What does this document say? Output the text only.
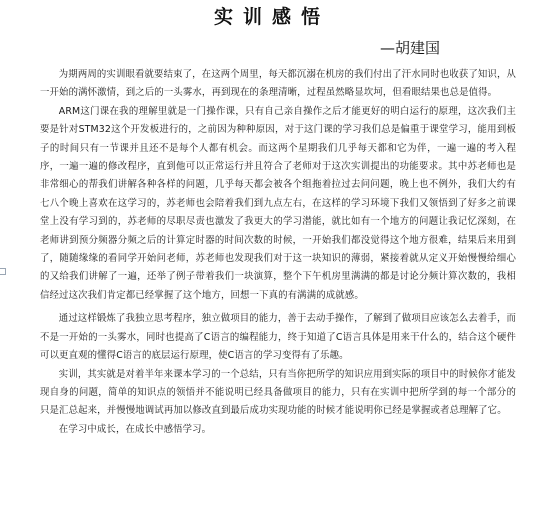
实训感悟
—胡建国

为期两周的实训眼看就要结束了，在这两个周里，每天都沉溺在机房的我们付出了汗水同时也收获了知识，从一开始的满怀激情，到之后的一头雾水，再到现在的条理清晰，过程虽然略显坎坷，但看眼结果也总是值得。

ARM这门课在我的理解里就是一门操作课，只有自己亲自操作之后才能更好的明白运行的原理，这次我们主要是针对STM32这个开发板进行的，之前因为种种原因，对于这门课的学习我们总是偏重于课堂学习，能用到板子的时间只有一节课并且还不是每个人都有机会。而这两个星期我们几乎每天都和它为伴，一遍一遍的考入程序，一遍一遍的修改程序，直到他可以正常运行并且符合了老师对于这次实训提出的功能要求。其中苏老师也是非常细心的帮我们讲解各种各样的问题，几乎每天都会被各个组拖着拉过去问问题，晚上也不例外，我们大约有七八个晚上喜欢在这学习的，苏老师也会陪着我们到九点左右，在这样的学习环境下我们又领悟到了好多之前课堂上没有学习到的，苏老师的尽职尽责也激发了我更大的学习潜能，就比如有一个地方的问题让我记忆深刻，在老师讲到预分频器分频之后的计算定时器的时间次数的时候，一开始我们都没觉得这个地方很难，结果后来用到了，随随缘缘的看同学开始问老师，苏老师也发现我们对于这一块知识的薄弱，紧接着就从定义开始慢慢给细心的又给我们讲解了一遍，还举了例子带着我们一块演算，整个下午机房里满满的都是讨论分频计算次数的，我相信经过这次我们肯定都已经掌握了这个地方，回想一下真的有满满的成就感。

通过这样锻炼了我独立思考程序，独立做项目的能力，善于去动手操作，了解到了做项目应该怎么去着手，而不是一开始的一头雾水，同时也提高了C语言的编程能力，终于知道了C语言具体是用来干什么的，结合这个硬件可以更直观的懂得C语言的底层运行原理，使C语言的学习变得有了乐趣。

实训，其实就是对着半年来课本学习的一个总结，只有当你把所学的知识应用到实际的项目中的时候你才能发现自身的问题，简单的知识点的领悟并不能说明已经具备做项目的能力，只有在实训中把所学到的每一个部分的只是汇总起来，并慢慢地调试再加以修改直到最后成功实现功能的时候才能说明你已经是掌握或者总理解了它。

在学习中成长，在成长中感悟学习。
